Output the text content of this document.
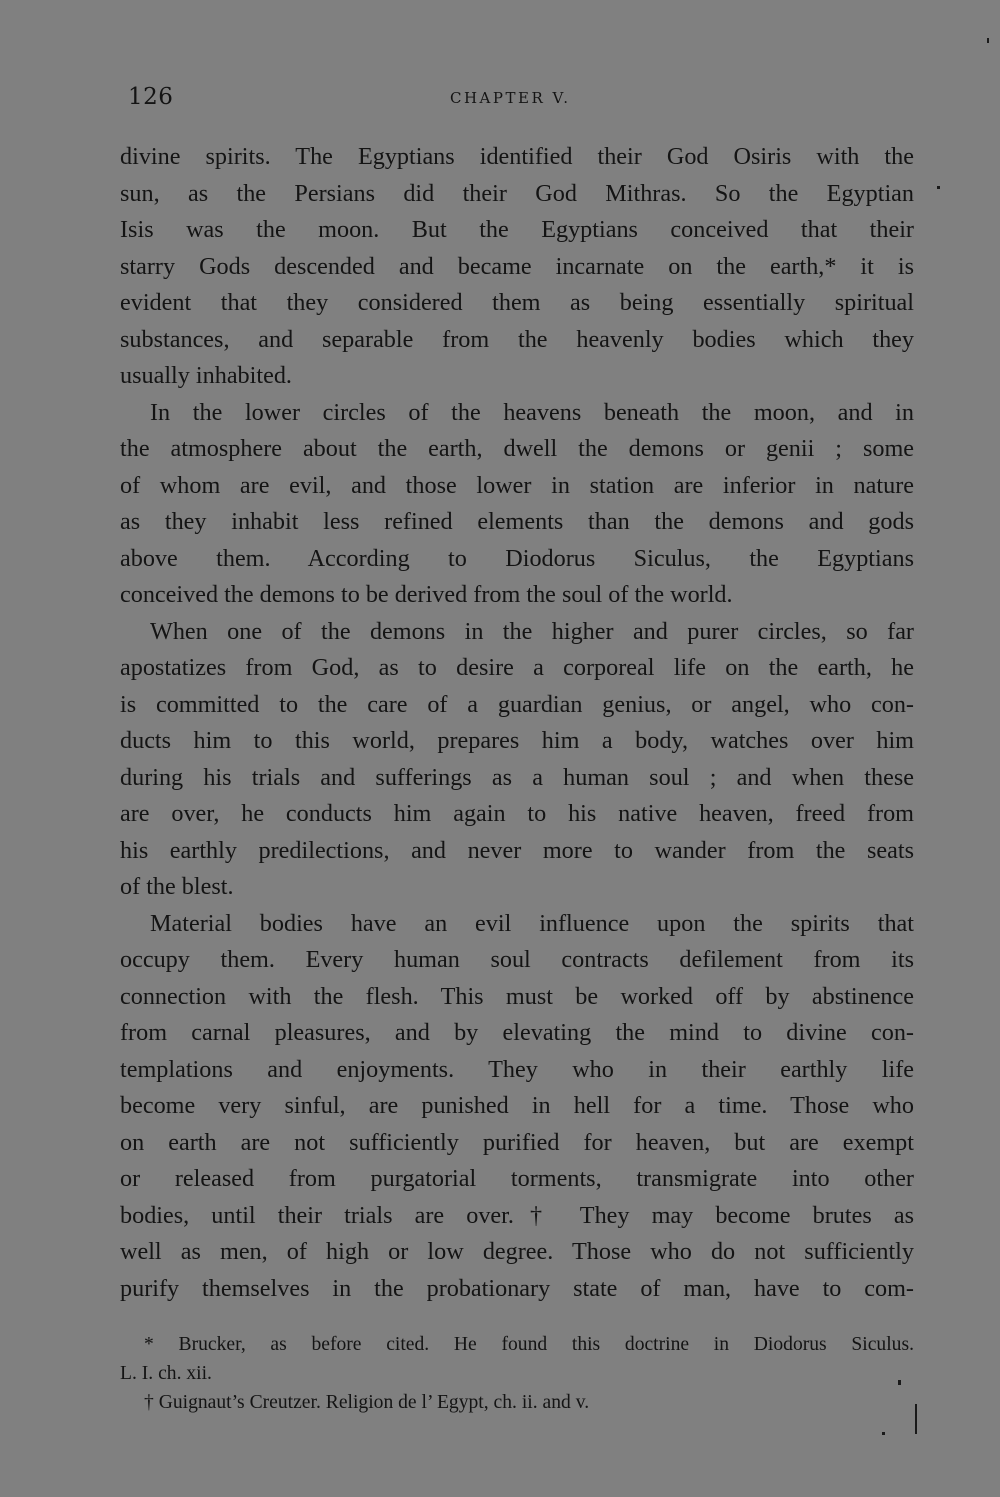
126	CHAPTER V.
divine spirits. The Egyptians identified their God Osiris with the
sun, as the Persians did their God Mithras. So the Egyptian
Isis was the moon. But the Egyptians conceived that their
starry Gods descended and became incarnate on the earth,* it is
evident that they considered them as being essentially spiritual
substances, and separable from the heavenly bodies which they
usually inhabited.
In the lower circles of the heavens beneath the moon, and in
the atmosphere about the earth, dwell the demons or genii ; some
of whom are evil, and those lower in station are inferior in nature
as they inhabit less refined elements than the demons and gods
above them. According to Diodorus Siculus, the Egyptians
conceived the demons to be derived from the soul of the world.
When one of the demons in the higher and purer circles, so far
apostatizes from God, as to desire a corporeal life on the earth, he
is committed to the care of a guardian genius, or angel, who con-
ducts him to this world, prepares him a body, watches over him
during his trials and sufferings as a human soul ; and when these
are over, he conducts him again to his native heaven, freed from
his earthly predilections, and never more to wander from the seats
of the blest.
Material bodies have an evil influence upon the spirits that
occupy them. Every human soul contracts defilement from its
connection with the flesh. This must be worked off by abstinence
from carnal pleasures, and by elevating the mind to divine con-
templations and enjoyments. They who in their earthly life
become very sinful, are punished in hell for a time. Those who
on earth are not sufficiently purified for heaven, but are exempt
or released from purgatorial torments, transmigrate into other
bodies, until their trials are over.† They may become brutes as
well as men, of high or low degree. Those who do not sufficiently
purify themselves in the probationary state of man, have to com-
* Brucker, as before cited. He found this doctrine in Diodorus Siculus.
L. I. ch. xii.
† Guignaut’s Creutzer. Religion de l’ Egypt, ch. ii. and v.
